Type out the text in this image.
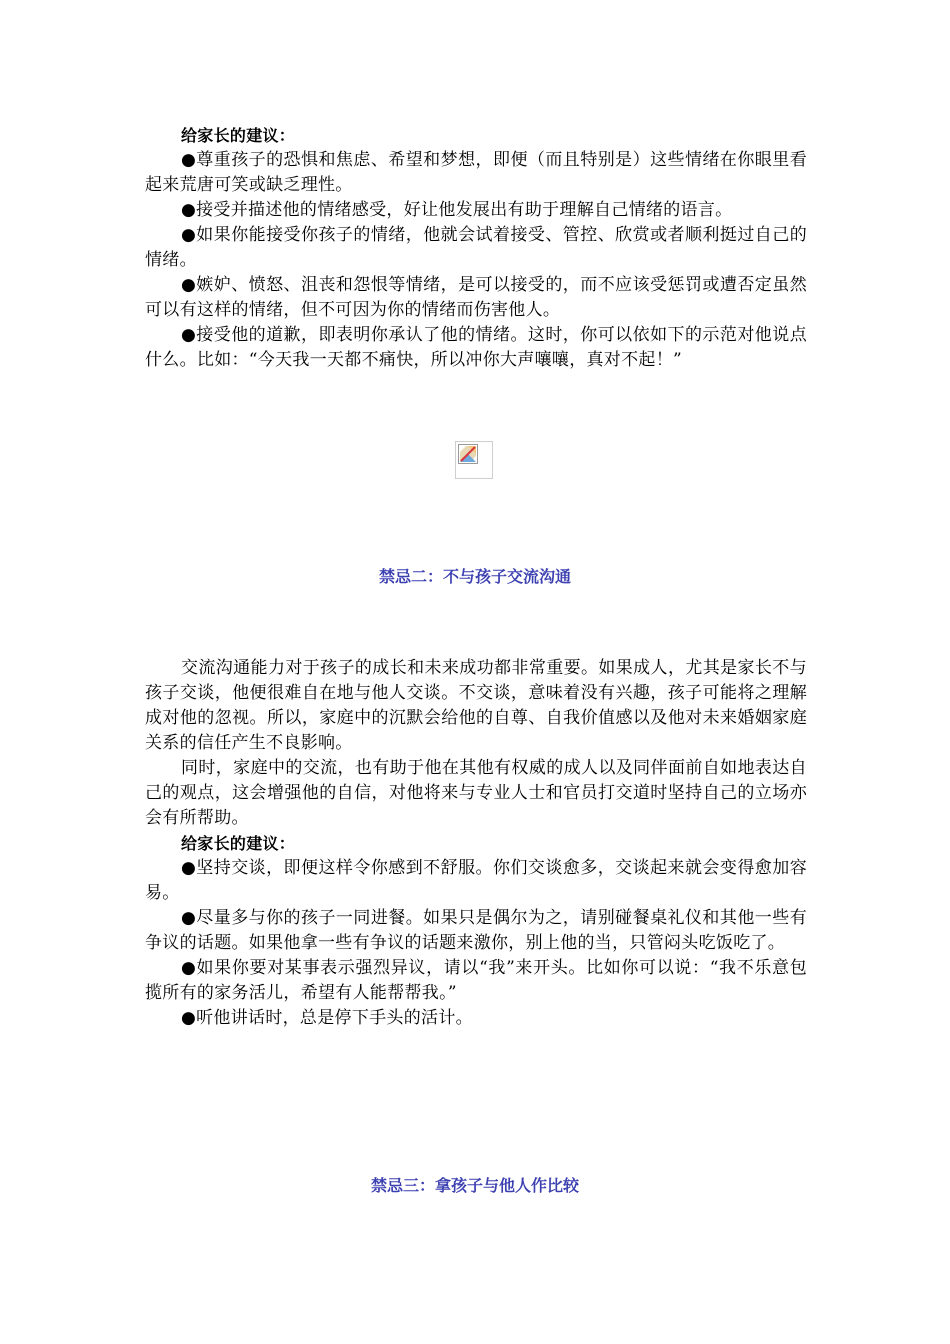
给家长的建议：

●尊重孩子的恐惧和焦虑、希望和梦想，即便（而且特别是）这些情绪在你眼里看起来荒唐可笑或缺乏理性。

●接受并描述他的情绪感受，好让他发展出有助于理解自己情绪的语言。

●如果你能接受你孩子的情绪，他就会试着接受、管控、欣赏或者顺利挺过自己的情绪。

●嫉妒、愤怒、沮丧和怨恨等情绪，是可以接受的，而不应该受惩罚或遭否定虽然可以有这样的情绪，但不可因为你的情绪而伤害他人。

●接受他的道歉，即表明你承认了他的情绪。这时，你可以依如下的示范对他说点什么。比如：“今天我一天都不痛快，所以冲你大声嚷嚷，真对不起！”

禁忌二：不与孩子交流沟通

交流沟通能力对于孩子的成长和未来成功都非常重要。如果成人，尤其是家长不与孩子交谈，他便很难自在地与他人交谈。不交谈，意味着没有兴趣，孩子可能将之理解成对他的忽视。所以，家庭中的沉默会给他的自尊、自我价值感以及他对未来婚姻家庭关系的信任产生不良影响。

同时，家庭中的交流，也有助于他在其他有权威的成人以及同伴面前自如地表达自己的观点，这会增强他的自信，对他将来与专业人士和官员打交道时坚持自己的立场亦会有所帮助。

给家长的建议：

●坚持交谈，即便这样令你感到不舒服。你们交谈愈多，交谈起来就会变得愈加容易。

●尽量多与你的孩子一同进餐。如果只是偶尔为之，请别碰餐桌礼仪和其他一些有争议的话题。如果他拿一些有争议的话题来激你，别上他的当，只管闷头吃饭吃了。

●如果你要对某事表示强烈异议，请以“我”来开头。比如你可以说：“我不乐意包揽所有的家务活儿，希望有人能帮帮我。”

●听他讲话时，总是停下手头的活计。

禁忌三：拿孩子与他人作比较
